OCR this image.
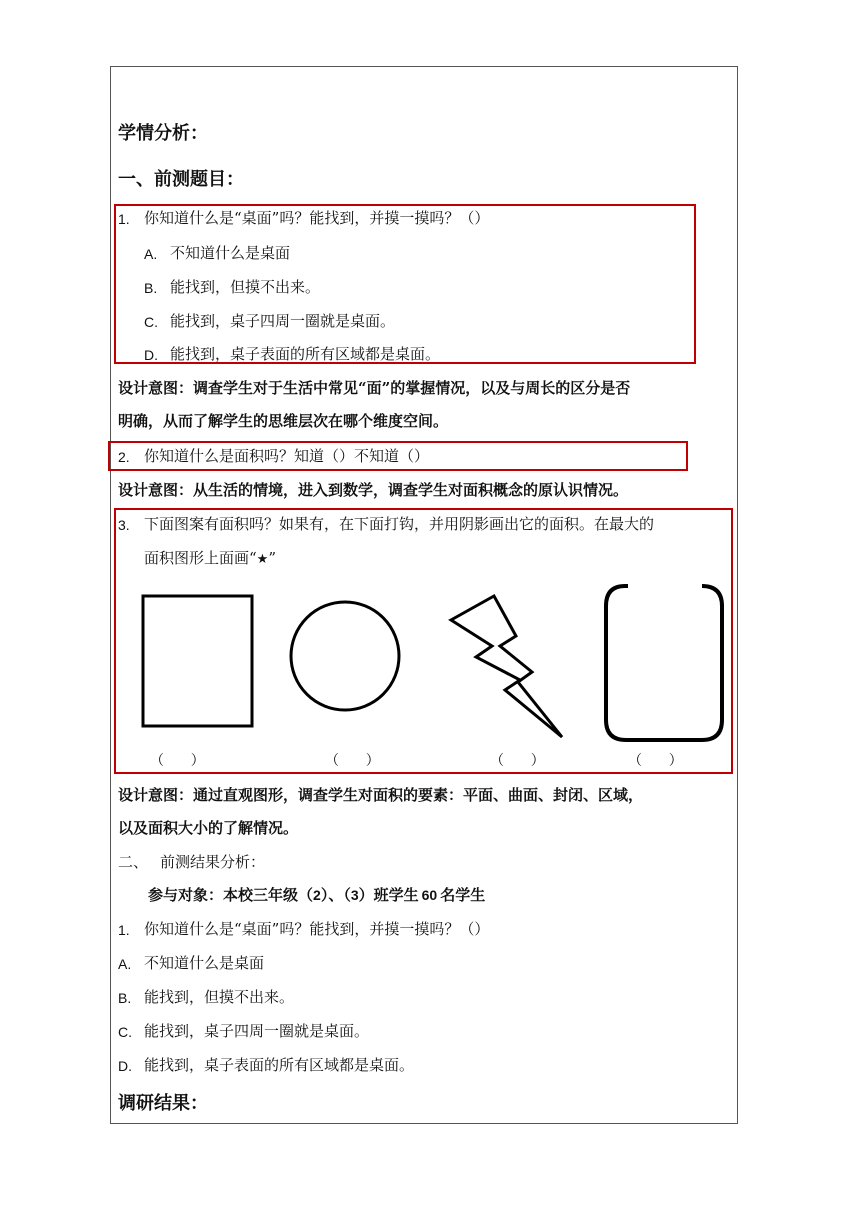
学情分析：
一、前测题目：
1. 你知道什么是“桌面”吗？能找到，并摸一摸吗？（）
A. 不知道什么是桌面
B. 能找到，但摸不出来。
C. 能找到，桌子四周一圈就是桌面。
D. 能找到，桌子表面的所有区域都是桌面。
设计意图：调查学生对于生活中常见“面”的掌握情况，以及与周长的区分是否
明确，从而了解学生的思维层次在哪个维度空间。
2. 你知道什么是面积吗？知道（）不知道（）
设计意图：从生活的情境，进入到数学，调查学生对面积概念的原认识情况。
3. 下面图案有面积吗？如果有，在下面打钩，并用阴影画出它的面积。在最大的
面积图形上面画“★”
（      ）	（      ）	（      ）	（      ）
设计意图：通过直观图形，调查学生对面积的要素：平面、曲面、封闭、区域，
以及面积大小的了解情况。
二、 前测结果分析：
参与对象：本校三年级（2）、（3）班学生 60 名学生
1. 你知道什么是“桌面”吗？能找到，并摸一摸吗？（）
A. 不知道什么是桌面
B. 能找到，但摸不出来。
C. 能找到，桌子四周一圈就是桌面。
D. 能找到，桌子表面的所有区域都是桌面。
调研结果：
